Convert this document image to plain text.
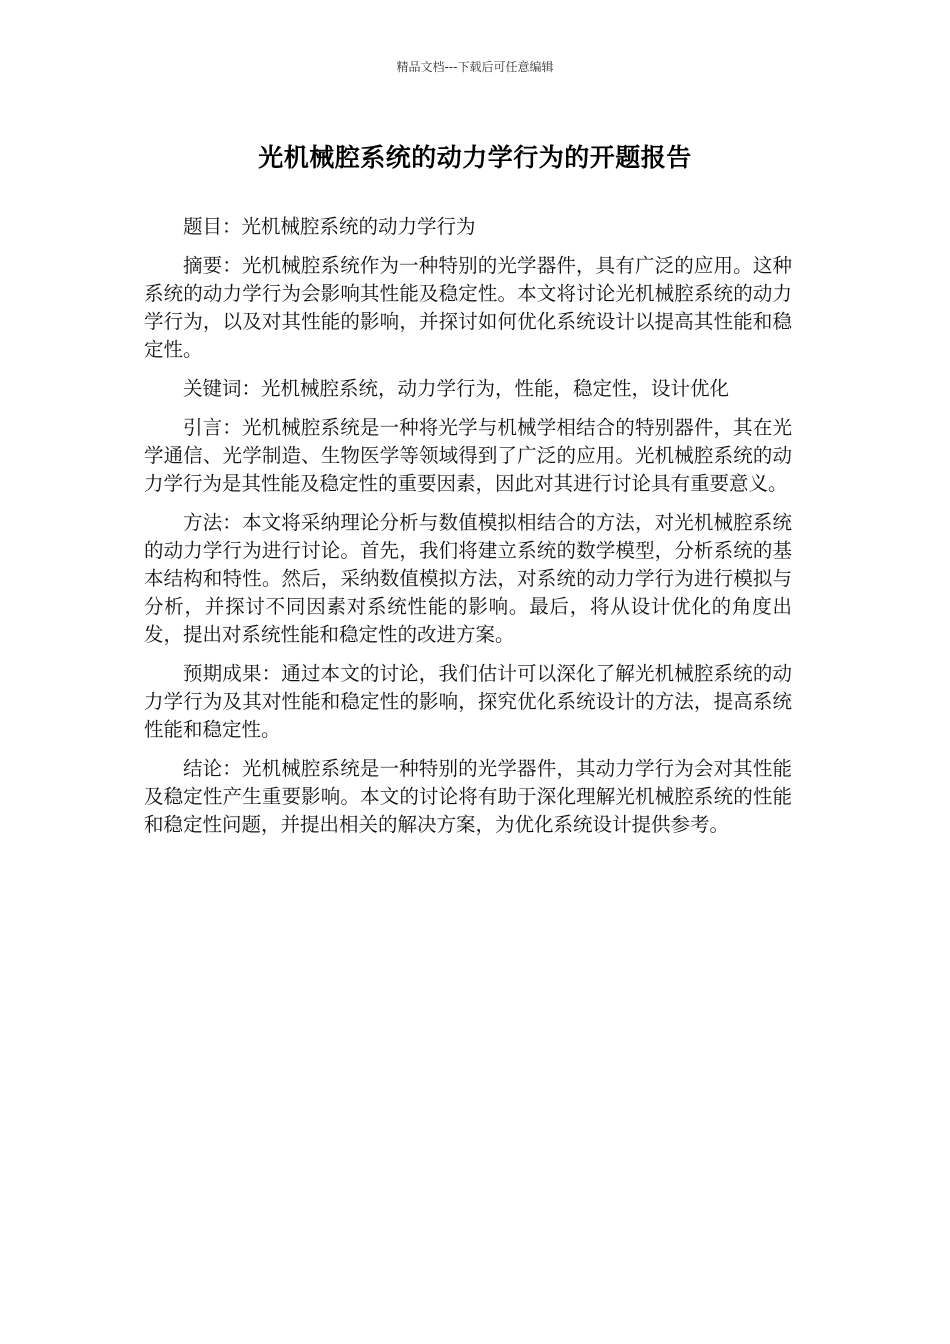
精品文档---下载后可任意编辑
光机械腔系统的动力学行为的开题报告

题目：光机械腔系统的动力学行为

摘要：光机械腔系统作为一种特别的光学器件，具有广泛的应用。这种系统的动力学行为会影响其性能及稳定性。本文将讨论光机械腔系统的动力学行为，以及对其性能的影响，并探讨如何优化系统设计以提高其性能和稳定性。

关键词：光机械腔系统，动力学行为，性能，稳定性，设计优化

引言：光机械腔系统是一种将光学与机械学相结合的特别器件，其在光学通信、光学制造、生物医学等领域得到了广泛的应用。光机械腔系统的动力学行为是其性能及稳定性的重要因素，因此对其进行讨论具有重要意义。

方法：本文将采纳理论分析与数值模拟相结合的方法，对光机械腔系统的动力学行为进行讨论。首先，我们将建立系统的数学模型，分析系统的基本结构和特性。然后，采纳数值模拟方法，对系统的动力学行为进行模拟与分析，并探讨不同因素对系统性能的影响。最后，将从设计优化的角度出发，提出对系统性能和稳定性的改进方案。

预期成果：通过本文的讨论，我们估计可以深化了解光机械腔系统的动力学行为及其对性能和稳定性的影响，探究优化系统设计的方法，提高系统性能和稳定性。

结论：光机械腔系统是一种特别的光学器件，其动力学行为会对其性能及稳定性产生重要影响。本文的讨论将有助于深化理解光机械腔系统的性能和稳定性问题，并提出相关的解决方案，为优化系统设计提供参考。
